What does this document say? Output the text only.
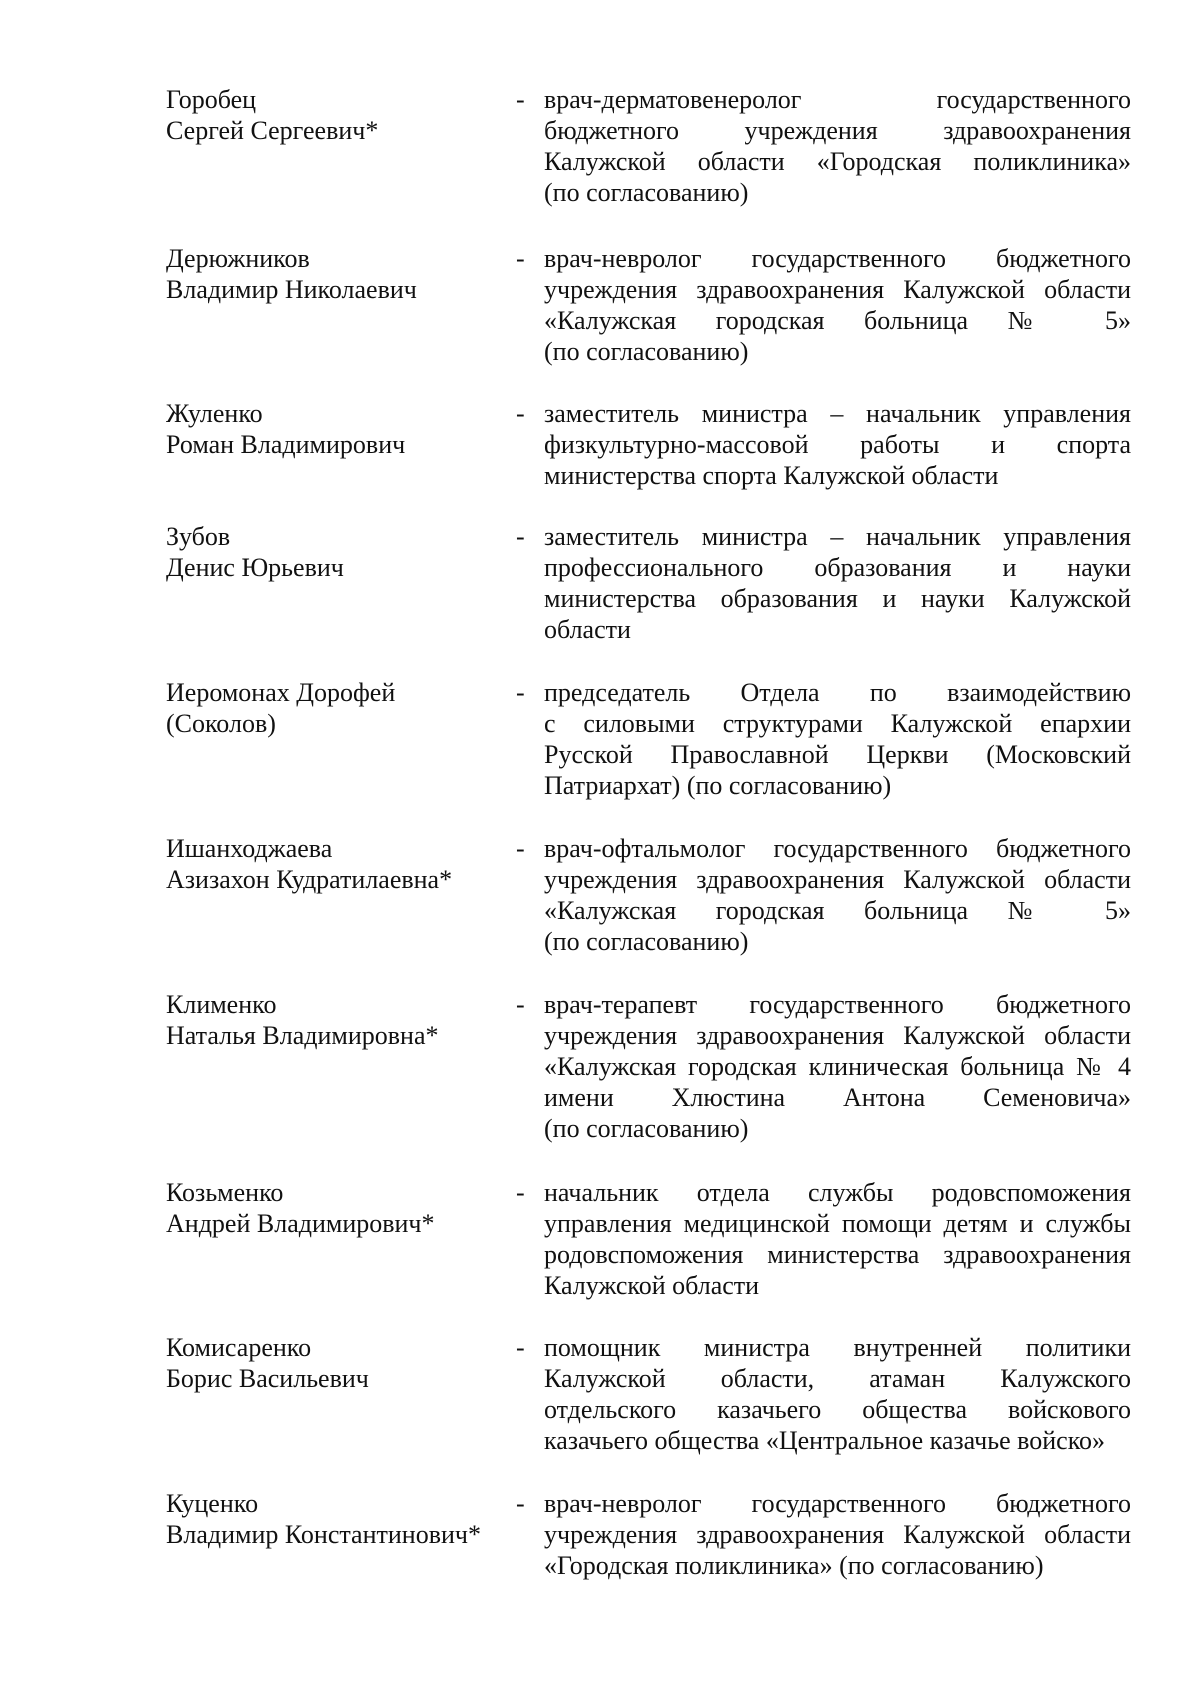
Горобец
Сергей Сергеевич*
- врач-дерматовенеролог государственного
бюджетного учреждения здравоохранения
Калужской области «Городская поликлиника»
(по согласованию)
Дерюжников
Владимир Николаевич
- врач-невролог государственного бюджетного
учреждения здравоохранения Калужской области
«Калужская городская больница № 5»
(по согласованию)
Жуленко
Роман Владимирович
- заместитель министра – начальник управления
физкультурно-массовой работы и спорта
министерства спорта Калужской области
Зубов
Денис Юрьевич
- заместитель министра – начальник управления
профессионального образования и науки
министерства образования и науки Калужской
области
Иеромонах Дорофей
(Соколов)
- председатель Отдела по взаимодействию
с силовыми структурами Калужской епархии
Русской Православной Церкви (Московский
Патриархат) (по согласованию)
Ишанходжаева
Азизахон Кудратилаевна*
- врач-офтальмолог государственного бюджетного
учреждения здравоохранения Калужской области
«Калужская городская больница № 5»
(по согласованию)
Клименко
Наталья Владимировна*
- врач-терапевт государственного бюджетного
учреждения здравоохранения Калужской области
«Калужская городская клиническая больница № 4
имени Хлюстина Антона Семеновича»
(по согласованию)
Козьменко
Андрей Владимирович*
- начальник отдела службы родовспоможения
управления медицинской помощи детям и службы
родовспоможения министерства здравоохранения
Калужской области
Комисаренко
Борис Васильевич
- помощник министра внутренней политики
Калужской области, атаман Калужского
отдельского казачьего общества войскового
казачьего общества «Центральное казачье войско»
Куценко
Владимир Константинович*
- врач-невролог государственного бюджетного
учреждения здравоохранения Калужской области
«Городская поликлиника» (по согласованию)
